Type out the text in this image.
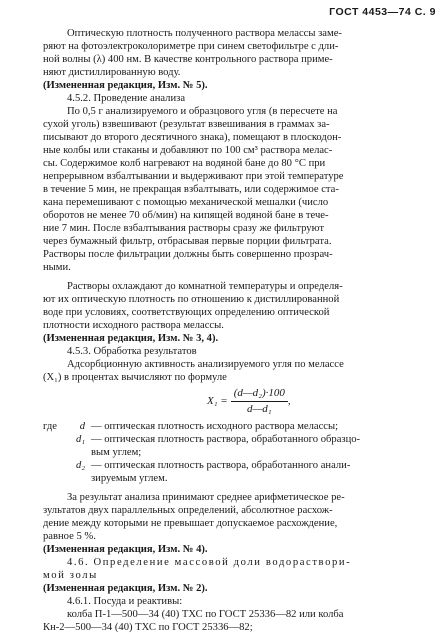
ГОСТ 4453—74 С. 9

Оптическую плотность полученного раствора мелассы заме-

ряют на фотоэлектроколориметре при синем светофильтре с дли-

ной волны (λ) 400 нм. В качестве контрольного раствора приме-

няют дистиллированную воду.

(Измененная редакция, Изм. № 5).

4.5.2. Проведение анализа

По 0,5 г анализируемого и образцового угля (в пересчете на

сухой уголь) взвешивают (результат взвешивания в граммах за-

писывают до второго десятичного знака), помещают в плоскодон-

ные колбы или стаканы и добавляют по 100 см³ раствора мелас-

сы. Содержимое колб нагревают на водяной бане до 80 °С при

непрерывном взбалтывании и выдерживают при этой температуре

в течение 5 мин, не прекращая взбалтывать, или содержимое ста-

кана перемешивают с помощью механической мешалки (число

оборотов не менее 70 об/мин) на кипящей водяной бане в тече-

ние 7 мин. После взбалтывания растворы сразу же фильтруют

через бумажный фильтр, отбрасывая первые порции фильтрата.

Растворы после фильтрации должны быть совершенно прозрач-

ными.

Растворы охлаждают до комнатной температуры и определя-

ют их оптическую плотность по отношению к дистиллированной

воде при условиях, соответствующих определению оптической

плотности исходного раствора мелассы.

(Измененная редакция, Изм. № 3, 4).

4.5.3. Обработка результатов

Адсорбционную активность анализируемого угля по мелассе

(X₁) в процентах вычисляют по формуле

$X_1 = \frac{\text{(d—d₂)·100}}{\text{d—d₁}}$ ,
где	d — оптическая плотность исходного раствора мелассы;
d₁ — оптическая плотность раствора, обработанного образцо-
вым углем;
d₂ — оптическая плотность раствора, обработанного анали-
зируемым углем.

За результат анализа принимают среднее арифметическое ре-

зультатов двух параллельных определений, абсолютное расхож-

дение между которыми не превышает допускаемое расхождение,

равное 5 %.

(Измененная редакция, Изм. № 4).

4.6. Определение массовой доли водораствори-

мой золы

(Измененная редакция, Изм. № 2).

4.6.1. Посуда и реактивы:

колба П-1—500—34 (40) ТХС по ГОСТ 25336—82 или колба

Кн-2—500—34 (40) ТХС по ГОСТ 25336—82;
